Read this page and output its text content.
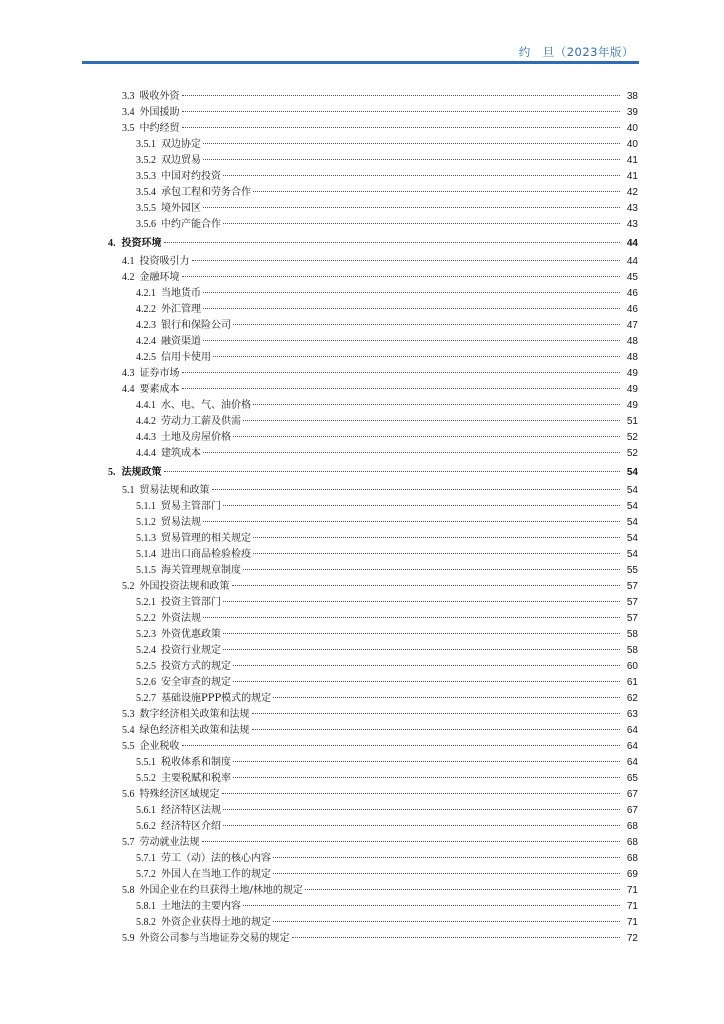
约　旦（2023年版）
3.3 吸收外资	38
3.4 外国援助	39
3.5 中约经贸	40
3.5.1 双边协定	40
3.5.2 双边贸易	41
3.5.3 中国对约投资	41
3.5.4 承包工程和劳务合作	42
3.5.5 境外园区	43
3.5.6 中约产能合作	43
4. 投资环境	44
4.1 投资吸引力	44
4.2 金融环境	45
4.2.1 当地货币	46
4.2.2 外汇管理	46
4.2.3 银行和保险公司	47
4.2.4 融资渠道	48
4.2.5 信用卡使用	48
4.3 证券市场	49
4.4 要素成本	49
4.4.1 水、电、气、油价格	49
4.4.2 劳动力工薪及供需	51
4.4.3 土地及房屋价格	52
4.4.4 建筑成本	52
5. 法规政策	54
5.1 贸易法规和政策	54
5.1.1 贸易主管部门	54
5.1.2 贸易法规	54
5.1.3 贸易管理的相关规定	54
5.1.4 进出口商品检验检疫	54
5.1.5 海关管理规章制度	55
5.2 外国投资法规和政策	57
5.2.1 投资主管部门	57
5.2.2 外资法规	57
5.2.3 外资优惠政策	58
5.2.4 投资行业规定	58
5.2.5 投资方式的规定	60
5.2.6 安全审查的规定	61
5.2.7 基础设施PPP模式的规定	62
5.3 数字经济相关政策和法规	63
5.4 绿色经济相关政策和法规	64
5.5 企业税收	64
5.5.1 税收体系和制度	64
5.5.2 主要税赋和税率	65
5.6 特殊经济区域规定	67
5.6.1 经济特区法规	67
5.6.2 经济特区介绍	68
5.7 劳动就业法规	68
5.7.1 劳工（动）法的核心内容	68
5.7.2 外国人在当地工作的规定	69
5.8 外国企业在约旦获得土地/林地的规定	71
5.8.1 土地法的主要内容	71
5.8.2 外资企业获得土地的规定	71
5.9 外资公司参与当地证券交易的规定	72
